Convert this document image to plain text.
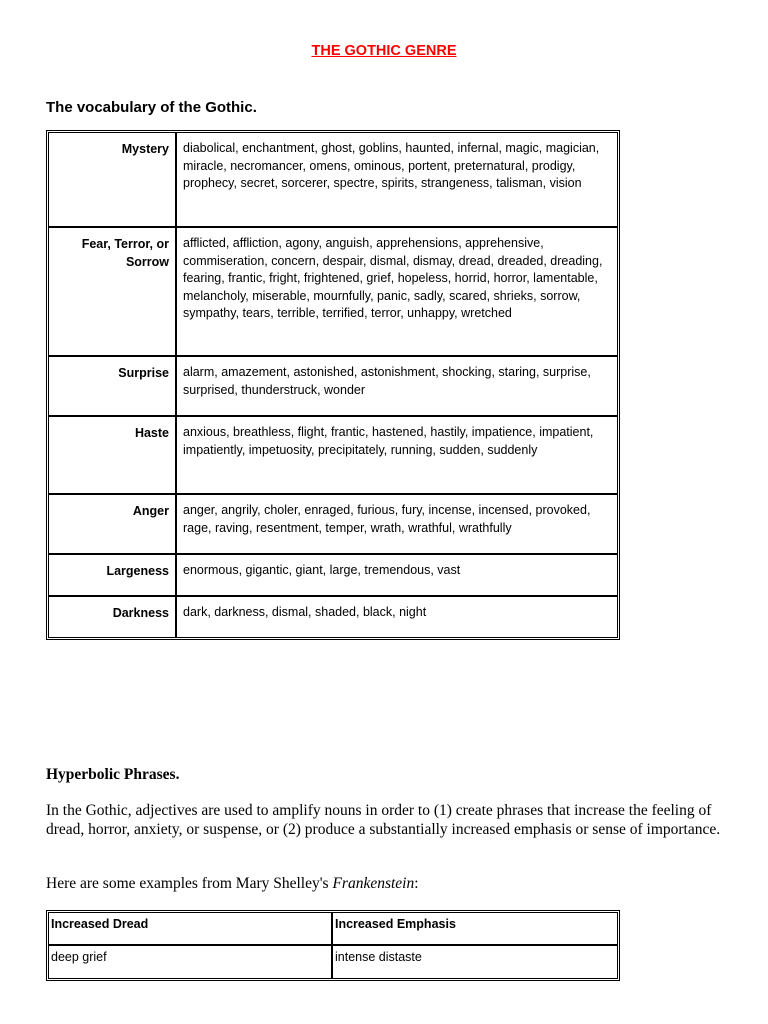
THE GOTHIC GENRE
The vocabulary of the Gothic.
Mystery	diabolical, enchantment, ghost, goblins, haunted, infernal, magic, magician, miracle, necromancer, omens, ominous, portent, preternatural, prodigy, prophecy, secret, sorcerer, spectre, spirits, strangeness, talisman, vision
Fear, Terror, or Sorrow	afflicted, affliction, agony, anguish, apprehensions, apprehensive, commiseration, concern, despair, dismal, dismay, dread, dreaded, dreading, fearing, frantic, fright, frightened, grief, hopeless, horrid, horror, lamentable, melancholy, miserable, mournfully, panic, sadly, scared, shrieks, sorrow, sympathy, tears, terrible, terrified, terror, unhappy, wretched
Surprise	alarm, amazement, astonished, astonishment, shocking, staring, surprise, surprised, thunderstruck, wonder
Haste	anxious, breathless, flight, frantic, hastened, hastily, impatience, impatient, impatiently, impetuosity, precipitately, running, sudden, suddenly
Anger	anger, angrily, choler, enraged, furious, fury, incense, incensed, provoked, rage, raving, resentment, temper, wrath, wrathful, wrathfully
Largeness	enormous, gigantic, giant, large, tremendous, vast
Darkness	dark, darkness, dismal, shaded, black, night
Hyperbolic Phrases.
In the Gothic, adjectives are used to amplify nouns in order to (1) create phrases that increase the feeling of dread, horror, anxiety, or suspense, or (2) produce a substantially increased emphasis or sense of importance.
Here are some examples from Mary Shelley's Frankenstein:
Increased Dread	Increased Emphasis
deep grief	intense distaste
